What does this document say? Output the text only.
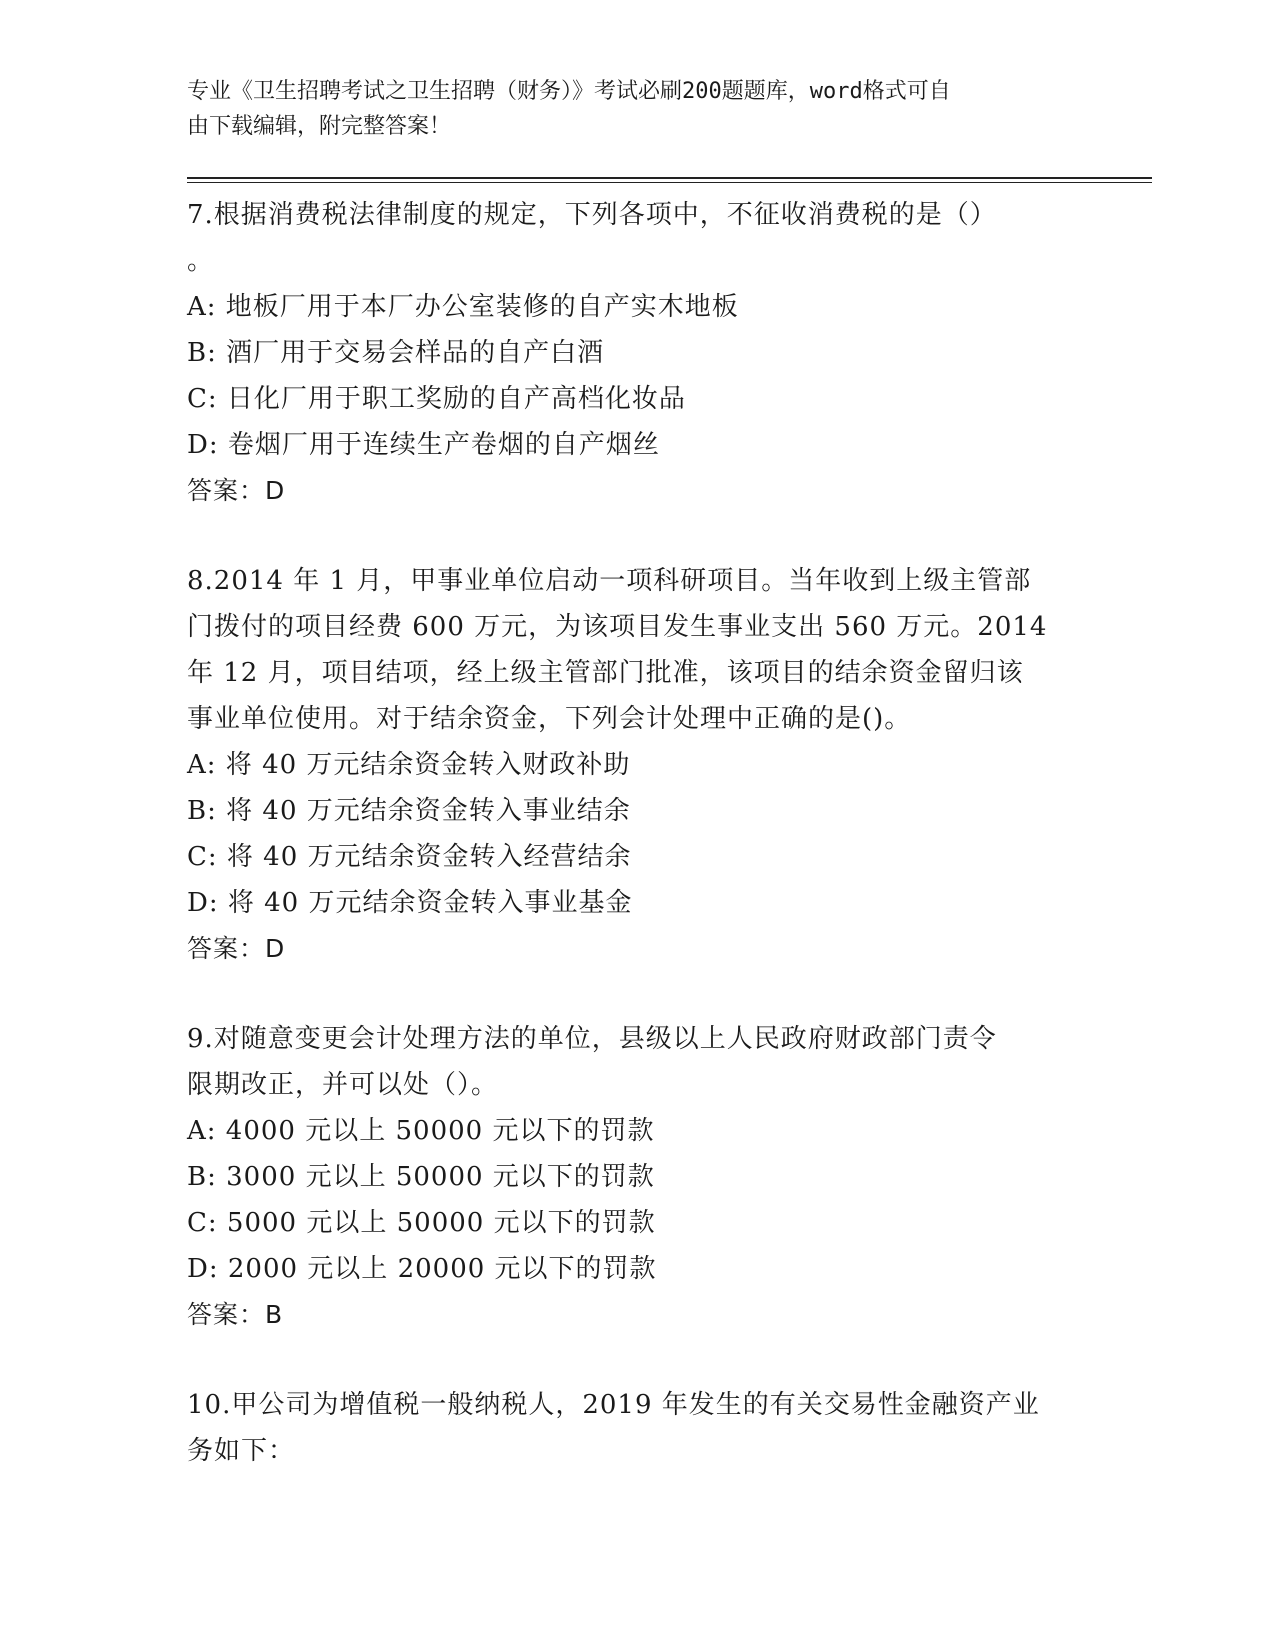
专业《卫生招聘考试之卫生招聘（财务）》考试必刷200题题库，word格式可自
由下载编辑，附完整答案！
7.根据消费税法律制度的规定，下列各项中，不征收消费税的是（）
。
A: 地板厂用于本厂办公室装修的自产实木地板
B: 酒厂用于交易会样品的自产白酒
C: 日化厂用于职工奖励的自产高档化妆品
D: 卷烟厂用于连续生产卷烟的自产烟丝
答案：D
8.2014 年 1 月，甲事业单位启动一项科研项目。当年收到上级主管部
门拨付的项目经费 600 万元，为该项目发生事业支出 560 万元。2014
年 12 月，项目结项，经上级主管部门批准，该项目的结余资金留归该
事业单位使用。对于结余资金，下列会计处理中正确的是()。
A: 将 40 万元结余资金转入财政补助
B: 将 40 万元结余资金转入事业结余
C: 将 40 万元结余资金转入经营结余
D: 将 40 万元结余资金转入事业基金
答案：D
9.对随意变更会计处理方法的单位，县级以上人民政府财政部门责令
限期改正，并可以处（）。
A: 4000 元以上 50000 元以下的罚款
B: 3000 元以上 50000 元以下的罚款
C: 5000 元以上 50000 元以下的罚款
D: 2000 元以上 20000 元以下的罚款
答案：B
10.甲公司为增值税一般纳税人，2019 年发生的有关交易性金融资产业
务如下：
